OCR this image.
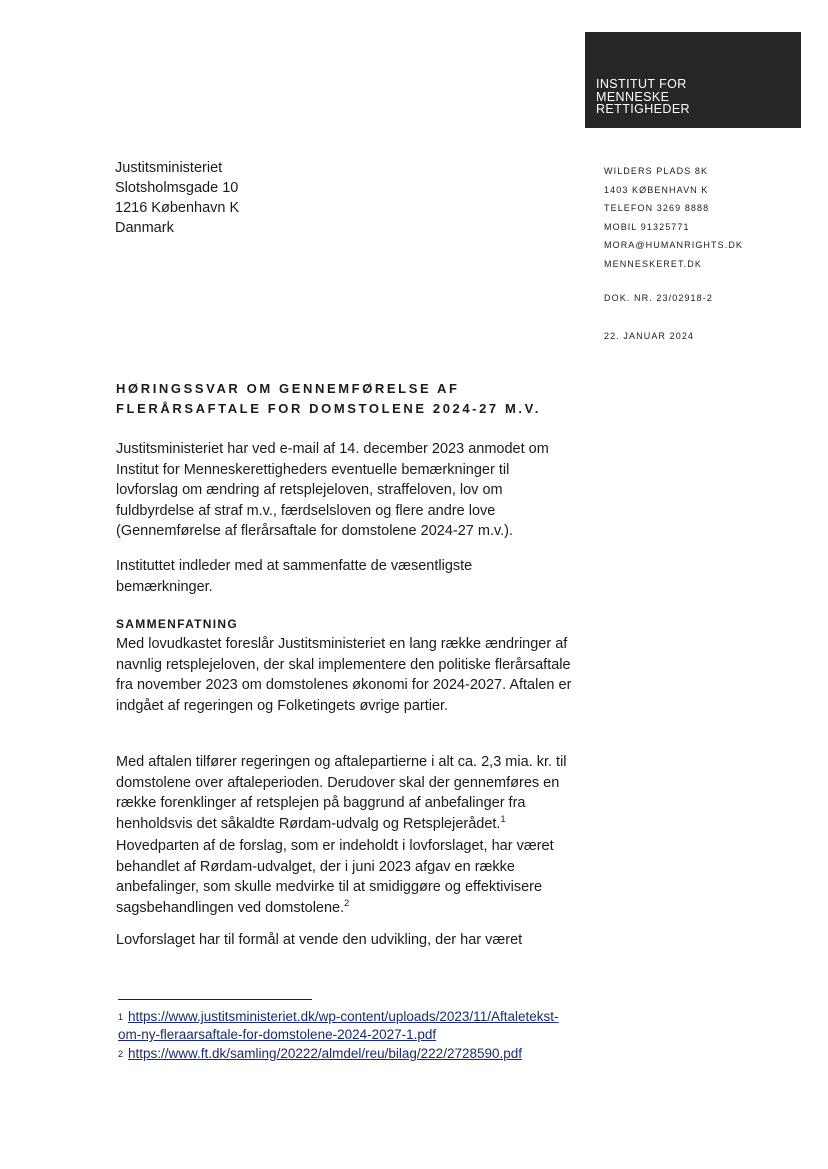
INSTITUT FOR
MENNESKE
RETTIGHEDER
Justitsministeriet
Slotsholmsgade 10
1216 København K
Danmark
WILDERS PLADS 8K
1403 KØBENHAVN K
TELEFON 3269 8888
MOBIL 91325771
MORA@HUMANRIGHTS.DK
MENNESKERET.DK
DOK. NR. 23/02918-2
22. JANUAR 2024
HØRINGSSVAR OM GENNEMFØRELSE AF
FLERÅRSAFTALE FOR DOMSTOLENE 2024-27 M.V.
Justitsministeriet har ved e-mail af 14. december 2023 anmodet om
Institut for Menneskerettigheders eventuelle bemærkninger til
lovforslag om ændring af retsplejeloven, straffeloven, lov om
fuldbyrdelse af straf m.v., færdselsloven og flere andre love
(Gennemførelse af flerårsaftale for domstolene 2024-27 m.v.).
Instituttet indleder med at sammenfatte de væsentligste
bemærkninger.
SAMMENFATNING
Med lovudkastet foreslår Justitsministeriet en lang række ændringer af
navnlig retsplejeloven, der skal implementere den politiske flerårsaftale
fra november 2023 om domstolenes økonomi for 2024-2027. Aftalen er
indgået af regeringen og Folketingets øvrige partier.
Med aftalen tilfører regeringen og aftalepartierne i alt ca. 2,3 mia. kr. til
domstolene over aftaleperioden. Derudover skal der gennemføres en
række forenklinger af retsplejen på baggrund af anbefalinger fra
henholdsvis det såkaldte Rørdam-udvalg og Retsplejerådet.$^1$
Hovedparten af de forslag, som er indeholdt i lovforslaget, har været
behandlet af Rørdam-udvalget, der i juni 2023 afgav en række
anbefalinger, som skulle medvirke til at smidiggøre og effektivisere
sagsbehandlingen ved domstolene.$^2$
Lovforslaget har til formål at vende den udvikling, der har været
$^1$ https://www.justitsministeriet.dk/wp-content/uploads/2023/11/Aftaletekst-
om-ny-fleraarsaftale-for-domstolene-2024-2027-1.pdf
$^2$ https://www.ft.dk/samling/20222/almdel/reu/bilag/222/2728590.pdf
